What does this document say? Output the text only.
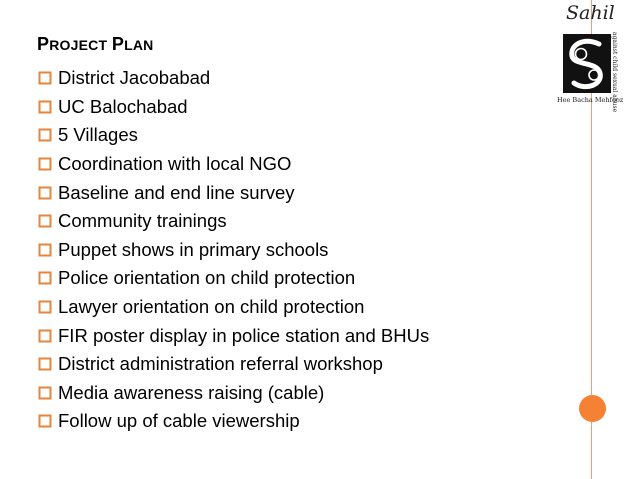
PROJECT PLAN
District Jacobabad
UC Balochabad
5 Villages
Coordination with local NGO
Baseline and end line survey
Community trainings
Puppet shows in primary schools
Police orientation on child protection
Lawyer orientation on child protection
FIR poster display in police station and BHUs
District administration referral workshop
Media awareness raising (cable)
Follow up of cable viewership
Sahil
against child sexual abuse
Hee Bacha Mehfooz
